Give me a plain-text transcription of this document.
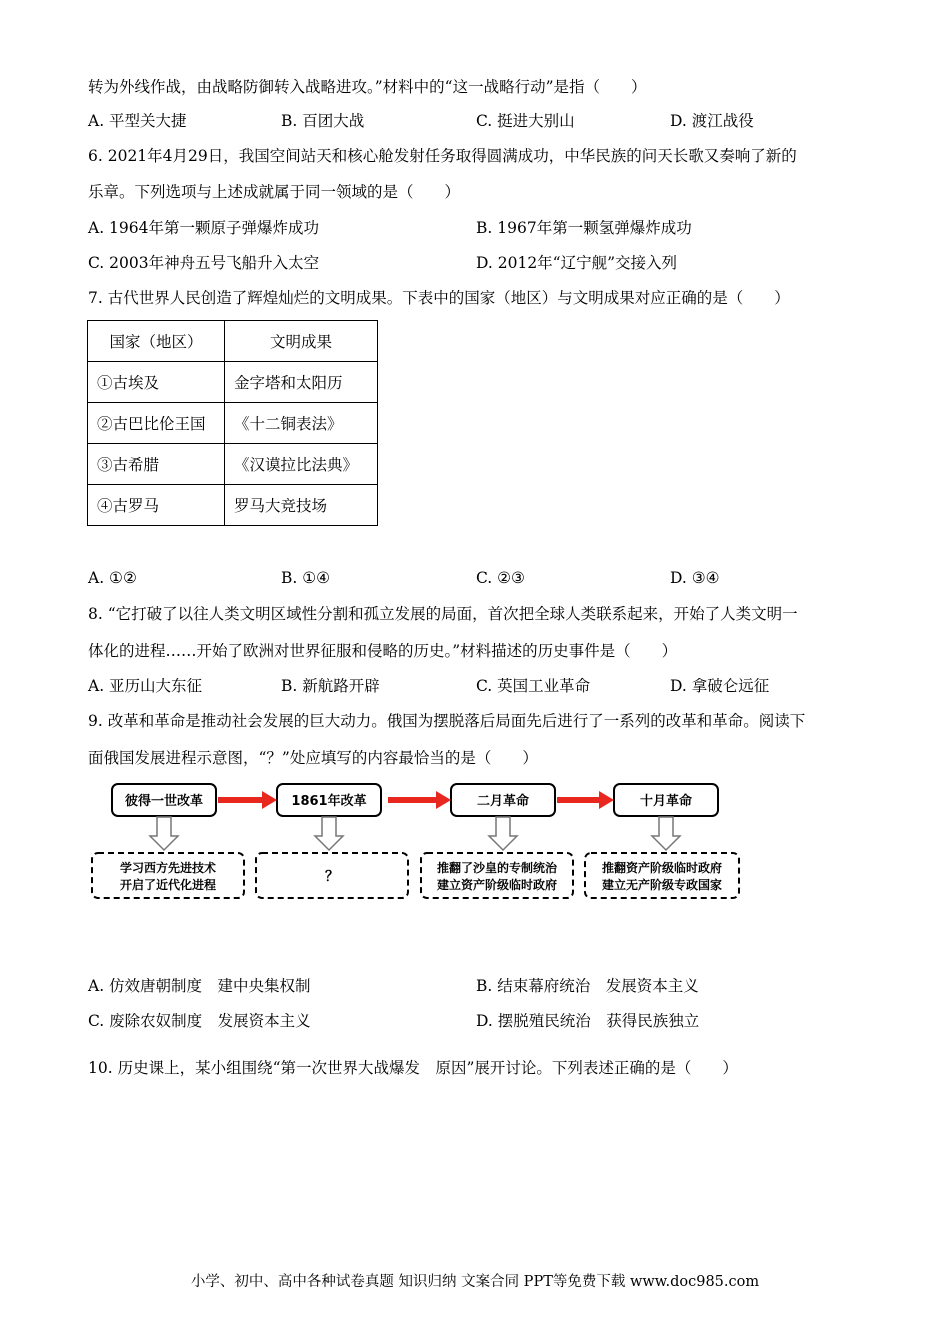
转为外线作战，由战略防御转入战略进攻。”材料中的“这一战略行动”是指（　　）
A. 平型关大捷	B. 百团大战	C. 挺进大别山	D. 渡江战役
6. 2021年4月29日，我国空间站天和核心舱发射任务取得圆满成功，中华民族的问天长歌又奏响了新的
乐章。下列选项与上述成就属于同一领域的是（　　）
A. 1964年第一颗原子弹爆炸成功	B. 1967年第一颗氢弹爆炸成功
C. 2003年神舟五号飞船升入太空	D. 2012年“辽宁舰”交接入列
7. 古代世界人民创造了辉煌灿烂的文明成果。下表中的国家（地区）与文明成果对应正确的是（　　）
国家（地区）	文明成果
①古埃及	金字塔和太阳历
②古巴比伦王国	《十二铜表法》
③古希腊	《汉谟拉比法典》
④古罗马	罗马大竞技场
A. ①②	B. ①④	C. ②③	D. ③④
8. “它打破了以往人类文明区域性分割和孤立发展的局面，首次把全球人类联系起来，开始了人类文明一
体化的进程……开始了欧洲对世界征服和侵略的历史。”材料描述的历史事件是（　　）
A. 亚历山大东征	B. 新航路开辟	C. 英国工业革命	D. 拿破仑远征
9. 改革和革命是推动社会发展的巨大动力。俄国为摆脱落后局面先后进行了一系列的改革和革命。阅读下
面俄国发展进程示意图，“？”处应填写的内容最恰当的是（　　）
彼得一世改革	1861年改革	二月革命	十月革命
学习西方先进技术
开启了近代化进程	？
推翻了沙皇的专制统治
建立资产阶级临时政府
推翻资产阶级临时政府
建立无产阶级专政国家
A. 仿效唐朝制度　建中央集权制	B. 结束幕府统治　发展资本主义
C. 废除农奴制度　发展资本主义	D. 摆脱殖民统治　获得民族独立
10. 历史课上，某小组围绕“第一次世界大战爆发　原因”展开讨论。下列表述正确的是（　　）
小学、初中、高中各种试卷真题 知识归纳 文案合同 PPT等免费下载 www.doc985.com
